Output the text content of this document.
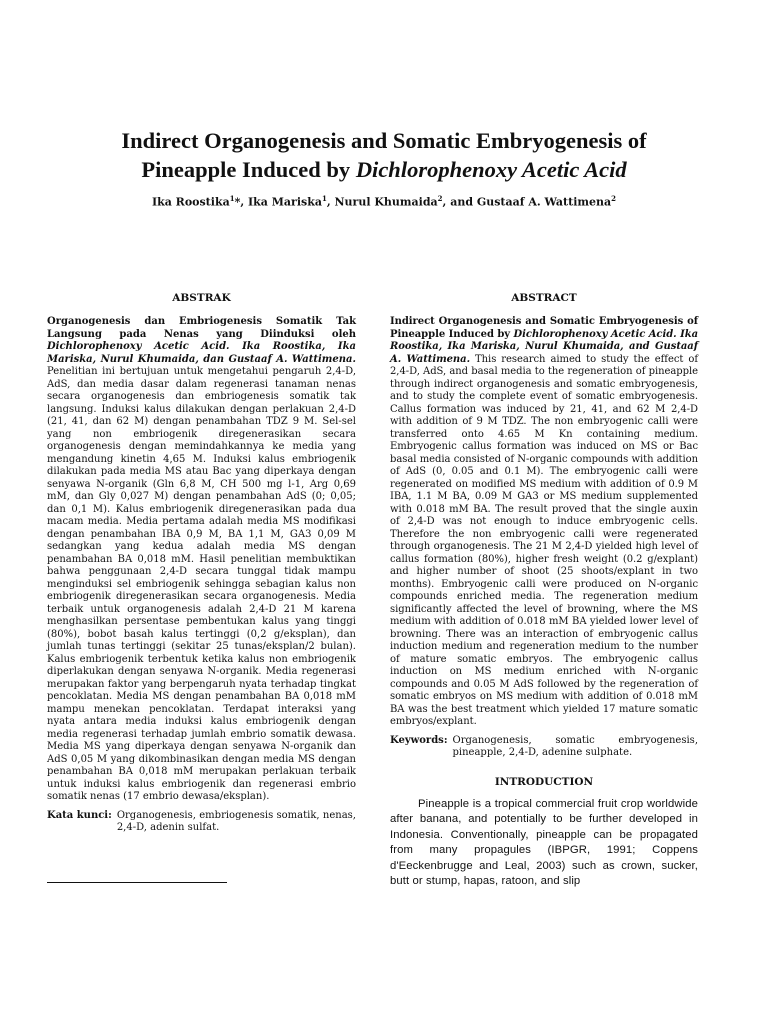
Indirect Organogenesis and Somatic Embryogenesis of
Pineapple Induced by Dichlorophenoxy Acetic Acid

Ika Roostika$^1$*, Ika Mariska$^1$, Nurul Khumaida$^2$, and Gustaaf A. Wattimena$^2$

ABSTRAK

Organogenesis dan Embriogenesis Somatik Tak Langsung pada Nenas yang Diinduksi oleh Dichlorophenoxy Acetic Acid. Ika Roostika, Ika Mariska, Nurul Khumaida, dan Gustaaf A. Wattimena. Penelitian ini bertujuan untuk mengetahui pengaruh 2,4-D, AdS, dan media dasar dalam regenerasi tanaman nenas secara organogenesis dan embriogenesis somatik tak langsung. Induksi kalus dilakukan dengan perlakuan 2,4-D (21, 41, dan 62 M) dengan penambahan TDZ 9 M. Sel-sel yang non embriogenik diregenerasikan secara organogenesis dengan memindahkannya ke media yang mengandung kinetin 4,65 M. Induksi kalus embriogenik dilakukan pada media MS atau Bac yang diperkaya dengan senyawa N-organik (Gln 6,8 M, CH 500 mg l-1, Arg 0,69 mM, dan Gly 0,027 M) dengan penambahan AdS (0; 0,05; dan 0,1 M). Kalus embriogenik diregenerasikan pada dua macam media. Media pertama adalah media MS modifikasi dengan penambahan IBA 0,9 M, BA 1,1 M, GA3 0,09 M sedangkan yang kedua adalah media MS dengan penambahan BA 0,018 mM. Hasil penelitian membuktikan bahwa penggunaan 2,4-D secara tunggal tidak mampu menginduksi sel embriogenik sehingga sebagian kalus non embriogenik diregenerasikan secara organogenesis. Media terbaik untuk organogenesis adalah 2,4-D 21 M karena menghasilkan persentase pembentukan kalus yang tinggi (80%), bobot basah kalus tertinggi (0,2 g/eksplan), dan jumlah tunas tertinggi (sekitar 25 tunas/eksplan/2 bulan). Kalus embriogenik terbentuk ketika kalus non embriogenik diperlakukan dengan senyawa N-organik. Media regenerasi merupakan faktor yang berpengaruh nyata terhadap tingkat pencoklatan. Media MS dengan penambahan BA 0,018 mM mampu menekan pencoklatan. Terdapat interaksi yang nyata antara media induksi kalus embriogenik dengan media regenerasi terhadap jumlah embrio somatik dewasa. Media MS yang diperkaya dengan senyawa N-organik dan AdS 0,05 M yang dikombinasikan dengan media MS dengan penambahan BA 0,018 mM merupakan perlakuan terbaik untuk induksi kalus embriogenik dan regenerasi embrio somatik nenas (17 embrio dewasa/eksplan).

Kata kunci: Organogenesis, embriogenesis somatik, nenas, 2,4-D, adenin sulfat.
ABSTRACT

Indirect Organogenesis and Somatic Embryogenesis of Pineapple Induced by Dichlorophenoxy Acetic Acid. Ika Roostika, Ika Mariska, Nurul Khumaida, and Gustaaf A. Wattimena. This research aimed to study the effect of 2,4-D, AdS, and basal media to the regeneration of pineapple through indirect organogenesis and somatic embryogenesis, and to study the complete event of somatic embryogenesis. Callus formation was induced by 21, 41, and 62 M 2,4-D with addition of 9 M TDZ. The non embryogenic calli were transferred onto 4.65 M Kn containing medium. Embryogenic callus formation was induced on MS or Bac basal media consisted of N-organic compounds with addition of AdS (0, 0.05 and 0.1 M). The embryogenic calli were regenerated on modified MS medium with addition of 0.9 M IBA, 1.1 M BA, 0.09 M GA3 or MS medium supplemented with 0.018 mM BA. The result proved that the single auxin of 2,4-D was not enough to induce embryogenic cells. Therefore the non embryogenic calli were regenerated through organogenesis. The 21 M 2,4-D yielded high level of callus formation (80%), higher fresh weight (0.2 g/explant) and higher number of shoot (25 shoots/explant in two months). Embryogenic calli were produced on N-organic compounds enriched media. The regeneration medium significantly affected the level of browning, where the MS medium with addition of 0.018 mM BA yielded lower level of browning. There was an interaction of embryogenic callus induction medium and regeneration medium to the number of mature somatic embryos. The embryogenic callus induction on MS medium enriched with N-organic compounds and 0.05 M AdS followed by the regeneration of somatic embryos on MS medium with addition of 0.018 mM BA was the best treatment which yielded 17 mature somatic embryos/explant.

Keywords: Organogenesis, somatic embryogenesis, pineapple, 2,4-D, adenine sulphate.
INTRODUCTION

Pineapple is a tropical commercial fruit crop worldwide after banana, and potentially to be further developed in Indonesia. Conventionally, pineapple can be propagated from many propagules (IBPGR, 1991; Coppens d'Eeckenbrugge and Leal, 2003) such as crown, sucker, butt or stump, hapas, ratoon, and slip
